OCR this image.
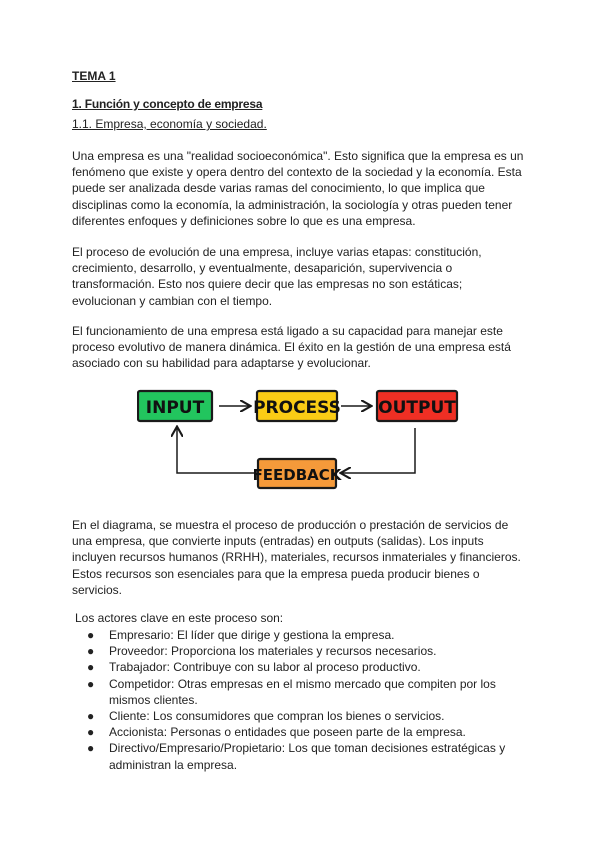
TEMA 1
1. Función y concepto de empresa
1.1. Empresa, economía y sociedad.

Una empresa es una "realidad socioeconómica". Esto significa que la empresa es un fenómeno que existe y opera dentro del contexto de la sociedad y la economía. Esta puede ser analizada desde varias ramas del conocimiento, lo que implica que disciplinas como la economía, la administración, la sociología y otras pueden tener diferentes enfoques y definiciones sobre lo que es una empresa.

El proceso de evolución de una empresa, incluye varias etapas: constitución, crecimiento, desarrollo, y eventualmente, desaparición, supervivencia o transformación. Esto nos quiere decir que las empresas no son estáticas; evolucionan y cambian con el tiempo.

El funcionamiento de una empresa está ligado a su capacidad para manejar este proceso evolutivo de manera dinámica. El éxito en la gestión de una empresa está asociado con su habilidad para adaptarse y evolucionar.

En el diagrama, se muestra el proceso de producción o prestación de servicios de una empresa, que convierte inputs (entradas) en outputs (salidas). Los inputs incluyen recursos humanos (RRHH), materiales, recursos inmateriales y financieros. Estos recursos son esenciales para que la empresa pueda producir bienes o servicios.

Los actores clave en este proceso son:
● Empresario: El líder que dirige y gestiona la empresa.
● Proveedor: Proporciona los materiales y recursos necesarios.
● Trabajador: Contribuye con su labor al proceso productivo.
● Competidor: Otras empresas en el mismo mercado que compiten por los mismos clientes.
● Cliente: Los consumidores que compran los bienes o servicios.
● Accionista: Personas o entidades que poseen parte de la empresa.
● Directivo/Empresario/Propietario: Los que toman decisiones estratégicas y administran la empresa.
INPUT	PROCESS OUTPUT
FEEDBACK
